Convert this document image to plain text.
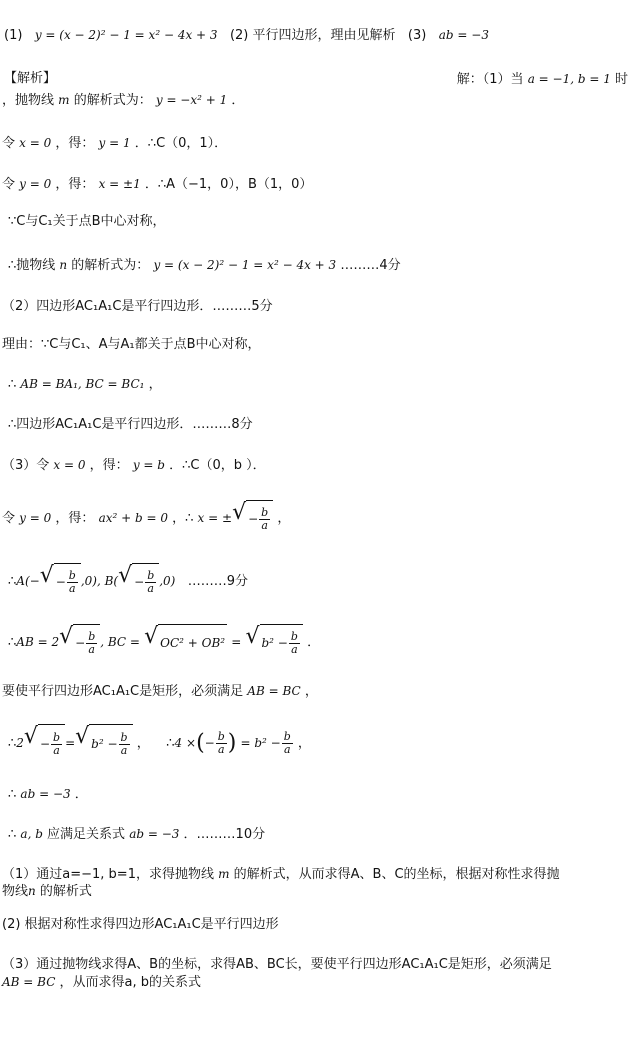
(1) y = (x − 2)² − 1 = x² − 4x + 3 (2) 平行四边形，理由见解析 (3) ab = −3
【解析】	解：（1）当 a = −1, b = 1 时
，抛物线 m 的解析式为： y = −x² + 1 ．
令 x = 0 ，得： y = 1 ．∴C（0，1）．
令 y = 0 ，得： x = ±1 ．∴A（−1，0），B（1，0）
∵C与C₁关于点B中心对称，
∴抛物线 n 的解析式为： y = (x − 2)² − 1 = x² − 4x + 3 ………4分
（2）四边形AC₁A₁C是平行四边形．………5分
理由：∵C与C₁、A与A₁都关于点B中心对称，
∴ AB = BA₁, BC = BC₁ ，
∴四边形AC₁A₁C是平行四边形．………8分
（3）令 x = 0 ，得： y = b ．∴C（0，b ）．
令 y = 0 ，得： ax² + b = 0 ，∴ x = ± √ − $\frac{b}{a}$ ，
∴A(− √ − $\frac{b}{a} ,0$), B( √ − $\frac{b}{a} ,0$) ………9分
∴AB = 2 √ − $\frac{b}{a}$ , BC = √ OC² + OB² = √ $b^2 - \frac{b}{a}$ ．
要使平行四边形AC₁A₁C是矩形，必须满足 AB = BC ，
∴2 √ − $\frac{b}{a}$ = √ $b^2 - \frac{b}{a}$ ， ∴4 ×(− $\frac{b}{a}$ ) = $b^2 - \frac{b}{a}$ ，
∴ ab = −3 ．
∴ a, b 应满足关系式 ab = −3 ．………10分
（1）通过a=−1, b=1，求得抛物线 m 的解析式，从而求得A、B、C的坐标，根据对称性求得抛
物线n 的解析式
(2) 根据对称性求得四边形AC₁A₁C是平行四边形
（3）通过抛物线求得A、B的坐标，求得AB、BC长，要使平行四边形AC₁A₁C是矩形，必须满足
AB = BC ，从而求得a, b的关系式
